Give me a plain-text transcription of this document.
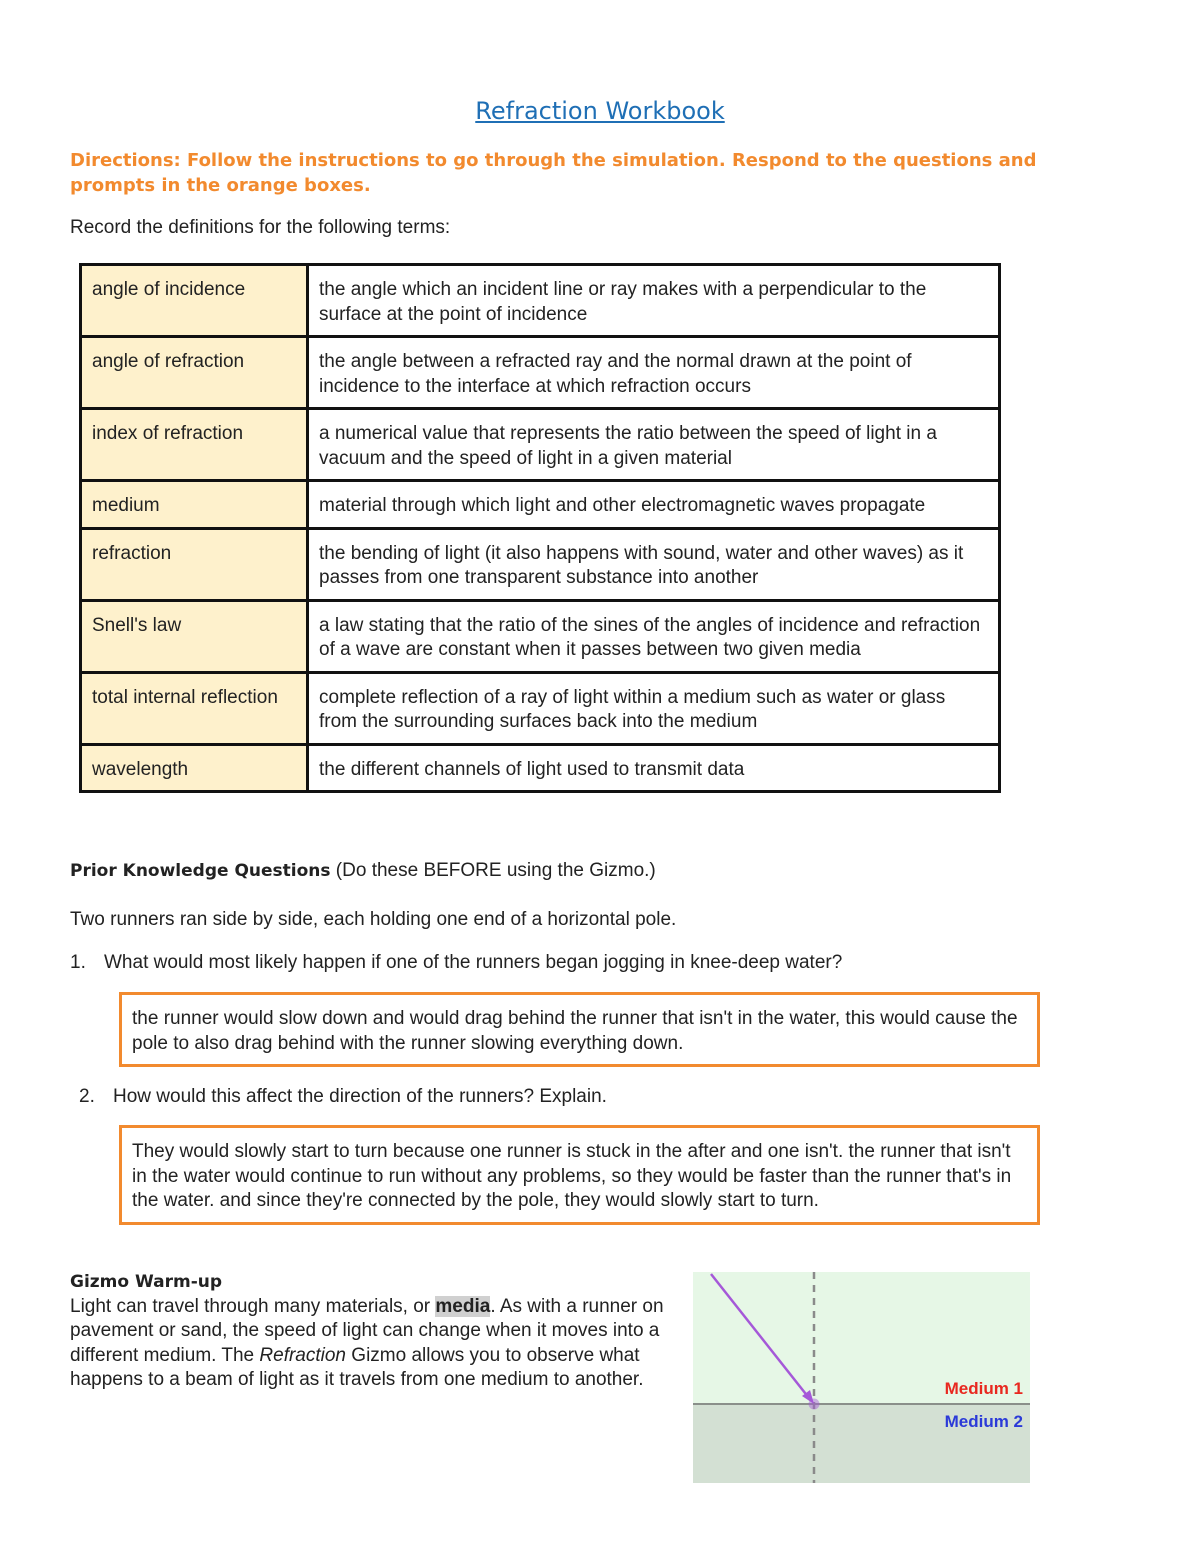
Refraction Workbook
Directions: Follow the instructions to go through the simulation. Respond to the questions and prompts in the orange boxes.
Record the definitions for the following terms:
angle of incidence	the angle which an incident line or ray makes with a perpendicular to the surface at the point of incidence
angle of refraction	the angle between a refracted ray and the normal drawn at the point of incidence to the interface at which refraction occurs
index of refraction	a numerical value that represents the ratio between the speed of light in a vacuum and the speed of light in a given material
medium	material through which light and other electromagnetic waves propagate
refraction	the bending of light (it also happens with sound, water and other waves) as it passes from one transparent substance into another
Snell's law	a law stating that the ratio of the sines of the angles of incidence and refraction of a wave are constant when it passes between two given media
total internal reflection	complete reflection of a ray of light within a medium such as water or glass from the surrounding surfaces back into the medium
wavelength	the different channels of light used to transmit data
Prior Knowledge Questions (Do these BEFORE using the Gizmo.)
Two runners ran side by side, each holding one end of a horizontal pole.
1. What would most likely happen if one of the runners began jogging in knee-deep water?
the runner would slow down and would drag behind the runner that isn't in the water, this would cause the pole to also drag behind with the runner slowing everything down.
2. How would this affect the direction of the runners? Explain.
They would slowly start to turn because one runner is stuck in the after and one isn't. the runner that isn't in the water would continue to run without any problems, so they would be faster than the runner that's in the water. and since they're connected by the pole, they would slowly start to turn.
Gizmo Warm-up
Light can travel through many materials, or media. As with a runner on pavement or sand, the speed of light can change when it moves into a different medium. The Refraction Gizmo allows you to observe what happens to a beam of light as it travels from one medium to another.	Medium 1
Medium 2
